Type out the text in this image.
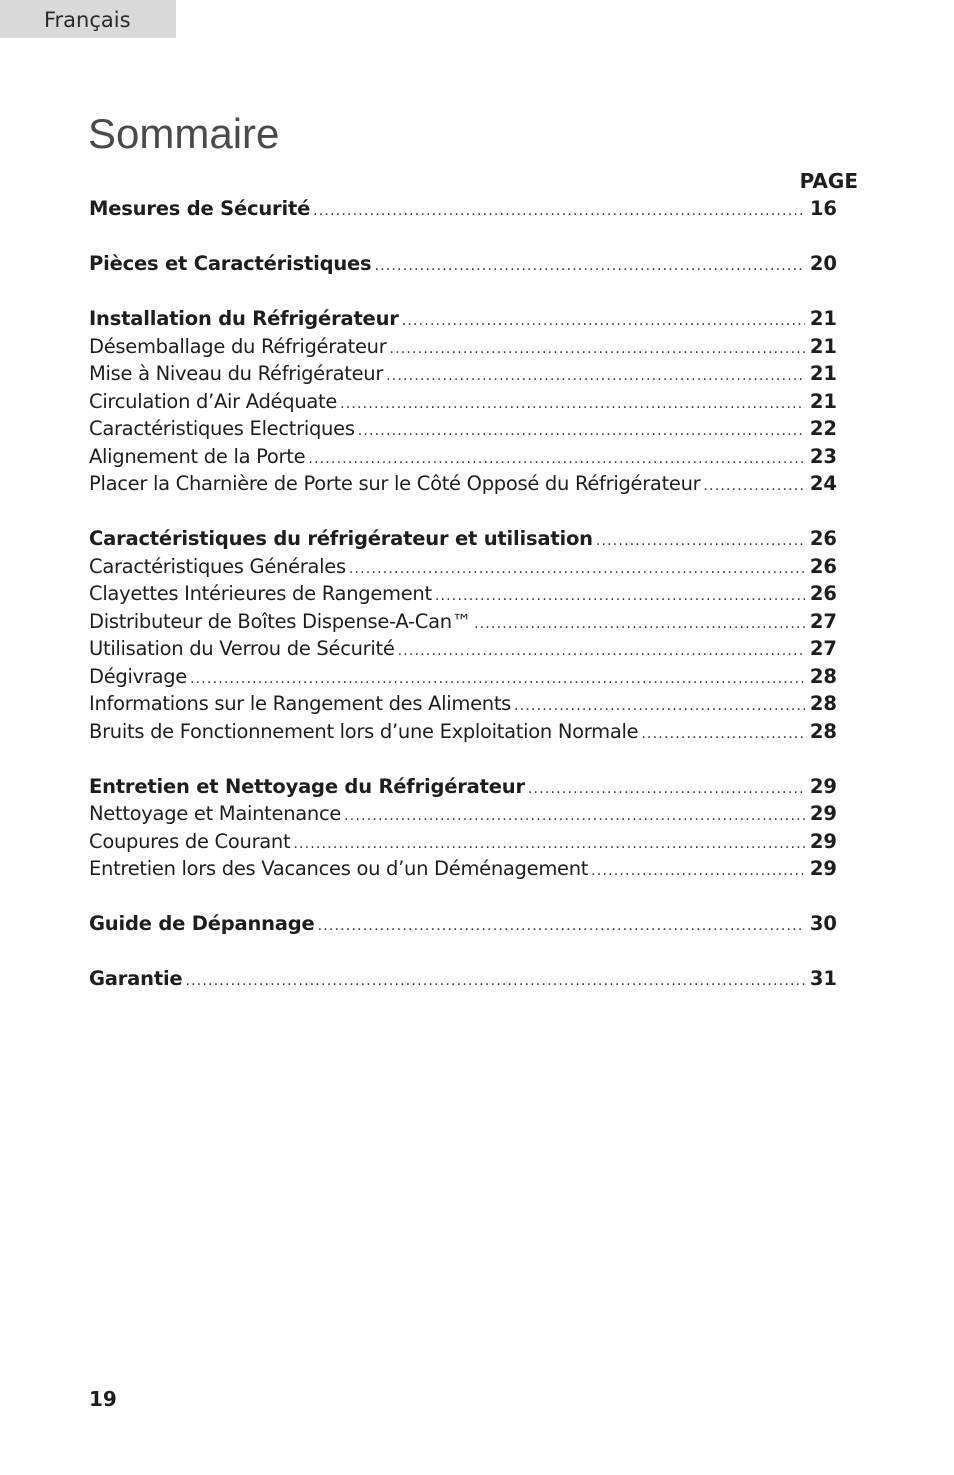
Français
Sommaire
PAGE
Mesures de Sécurité .....	16
Pièces et Caractéristiques .....	20
Installation du Réfrigérateur .....	21
Désemballage du Réfrigérateur .....	21
Mise à Niveau du Réfrigérateur .....	21
Circulation d’Air Adéquate .....	21
Caractéristiques Electriques .....	22
Alignement de la Porte .....	23
Placer la Charnière de Porte sur le Côté Opposé du Réfrigérateur .....	24
Caractéristiques du réfrigérateur et utilisation .....	26
Caractéristiques Générales .....	26
Clayettes Intérieures de Rangement .....	26
Distributeur de Boîtes Dispense-A-Can™ .....	27
Utilisation du Verrou de Sécurité .....	27
Dégivrage .....	28
Informations sur le Rangement des Aliments .....	28
Bruits de Fonctionnement lors d’une Exploitation Normale .....	28
Entretien et Nettoyage du Réfrigérateur .....	29
Nettoyage et Maintenance .....	29
Coupures de Courant .....	29
Entretien lors des Vacances ou d’un Déménagement .....	29
Guide de Dépannage .....	30
Garantie .....	31
19
